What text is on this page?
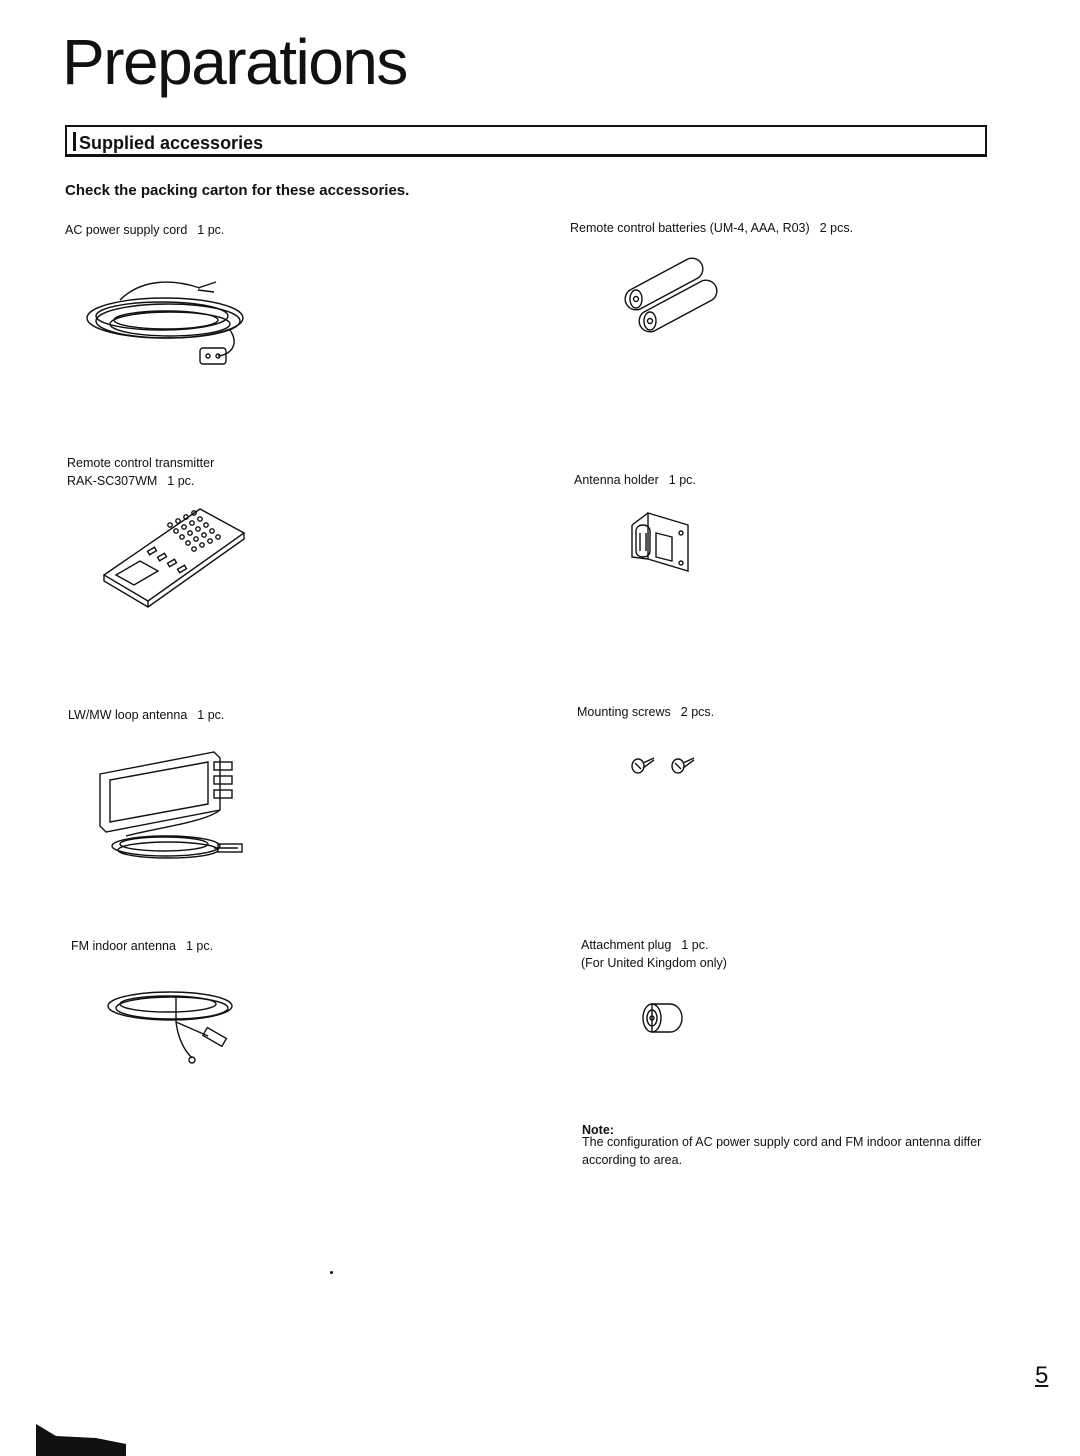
Preparations
Supplied accessories
Check the packing carton for these accessories.
AC power supply cord 1 pc.	Remote control batteries (UM-4, AAA, R03) 2 pcs.
Remote control transmitter
RAK-SC307WM 1 pc.	Antenna holder 1 pc.
LW/MW loop antenna 1 pc.	Mounting screws 2 pcs.
FM indoor antenna 1 pc.	Attachment plug 1 pc.
(For United Kingdom only)
Note:
The configuration of AC power supply cord and FM indoor antenna differ according to area.
5
